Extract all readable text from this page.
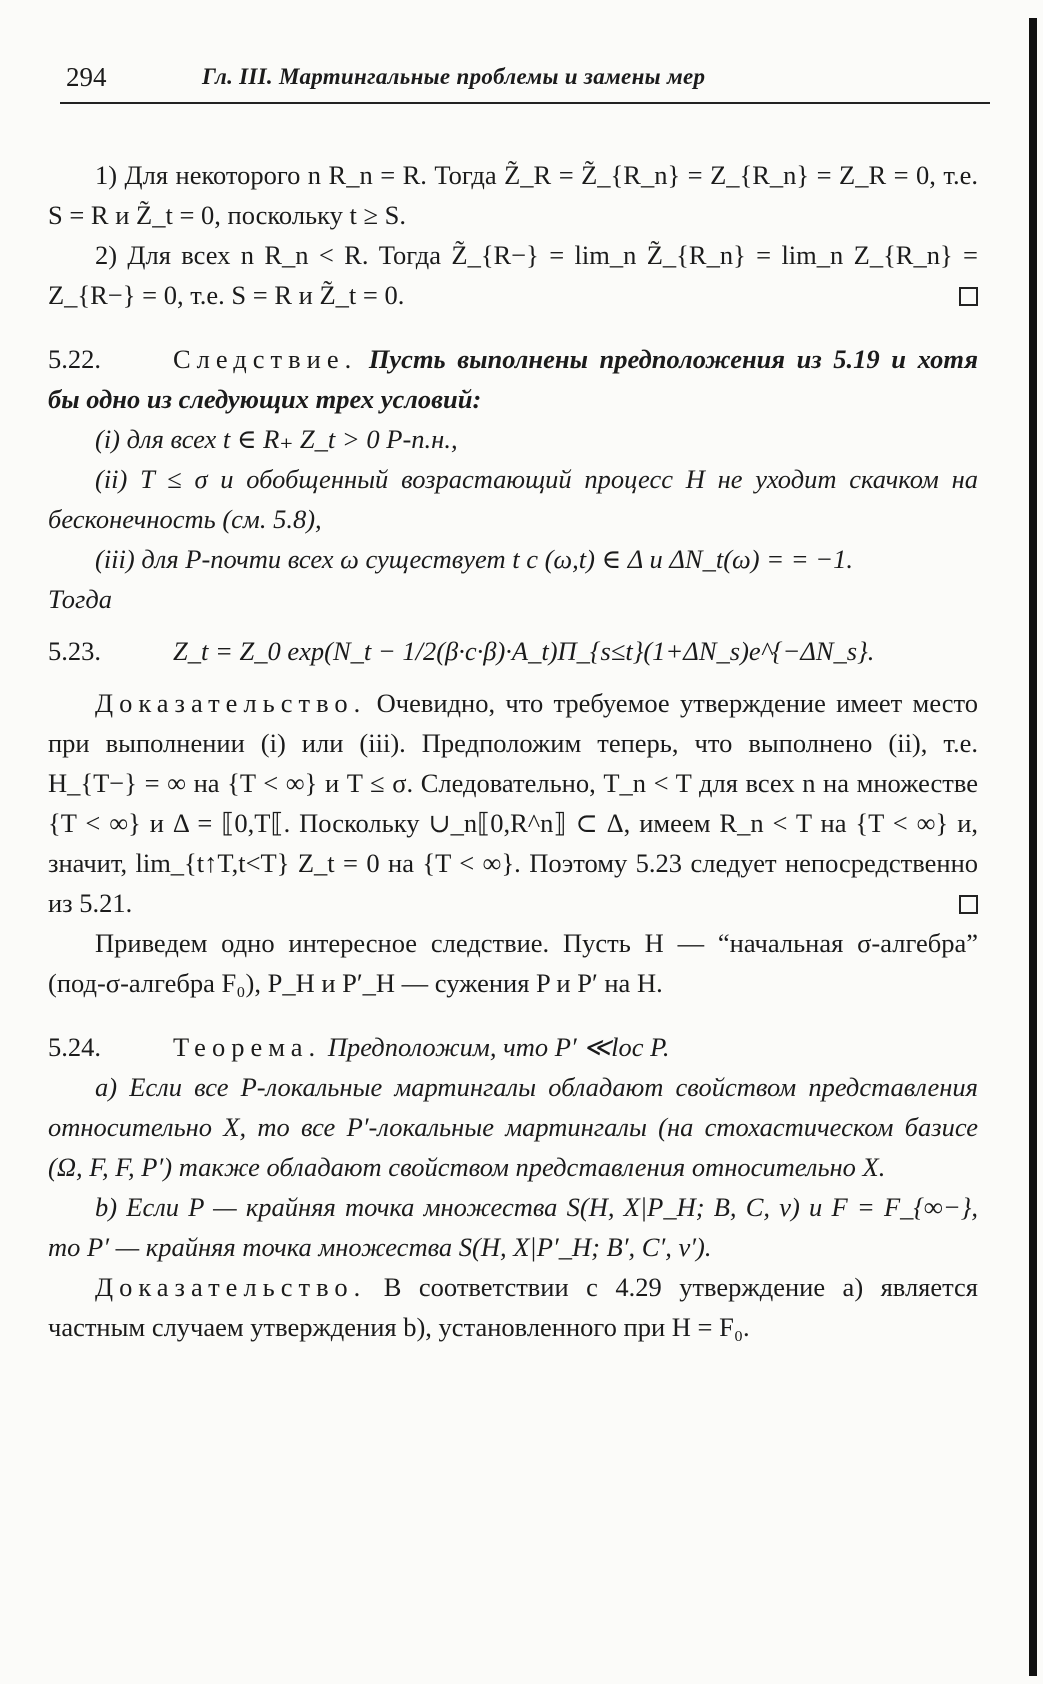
294	Гл. III. Мартингальные проблемы и замены мер

1) Для некоторого n R_n = R. Тогда Z̃_R = Z̃_{R_n} = Z_{R_n} = Z_R = 0, т.е. S = R и Z̃_t = 0, поскольку t ≥ S.

2) Для всех n R_n < R. Тогда Z̃_{R−} = lim_n Z̃_{R_n} = lim_n Z_{R_n} = Z_{R−} = 0, т.е. S = R и Z̃_t = 0.

5.22.	Следствие. Пусть выполнены предположения из 5.19 и хотя бы одно из следующих трех условий:

(i) для всех t ∈ R₊ Z_t > 0 P-п.н.,

(ii) T ≤ σ и обобщенный возрастающий процесс H не уходит скачком на бесконечность (см. 5.8),

(iii) для P-почти всех ω существует t с (ω,t) ∈ Δ и ΔN_t(ω) = = −1.

Тогда

5.23.	Z_t = Z_0 exp(N_t − 1/2(β·c·β)·A_t)Π_{s≤t}(1+ΔN_s)e^{−ΔN_s}.

Доказательство. Очевидно, что требуемое утверждение имеет место при выполнении (i) или (iii). Предположим теперь, что выполнено (ii), т.е. H_{T−} = ∞ на {T < ∞} и T ≤ σ. Следовательно, T_n < T для всех n на множестве {T < ∞} и Δ = ⟦0,T⟦. Поскольку ∪_n⟦0,R^n⟧ ⊂ Δ, имеем R_n < T на {T < ∞} и, значит, lim_{t↑T,t<T} Z_t = 0 на {T < ∞}. Поэтому 5.23 следует непосредственно из 5.21.

Приведем одно интересное следствие. Пусть H — “начальная σ-алгебра” (под-σ-алгебра F₀), P_H и P′_H — сужения P и P′ на H.

5.24.	Теорема. Предположим, что P′ ≪loc P.

a) Если все P-локальные мартингалы обладают свойством представления относительно X, то все P′-локальные мартингалы (на стохастическом базисе (Ω, F, F, P′) также обладают свойством представления относительно X.

b) Если P — крайняя точка множества S(H, X|P_H; B, C, ν) и F = F_{∞−}, то P′ — крайняя точка множества S(H, X|P′_H; B′, C′, ν′).

Доказательство. В соответствии с 4.29 утверждение a) является частным случаем утверждения b), установленного при H = F₀.
